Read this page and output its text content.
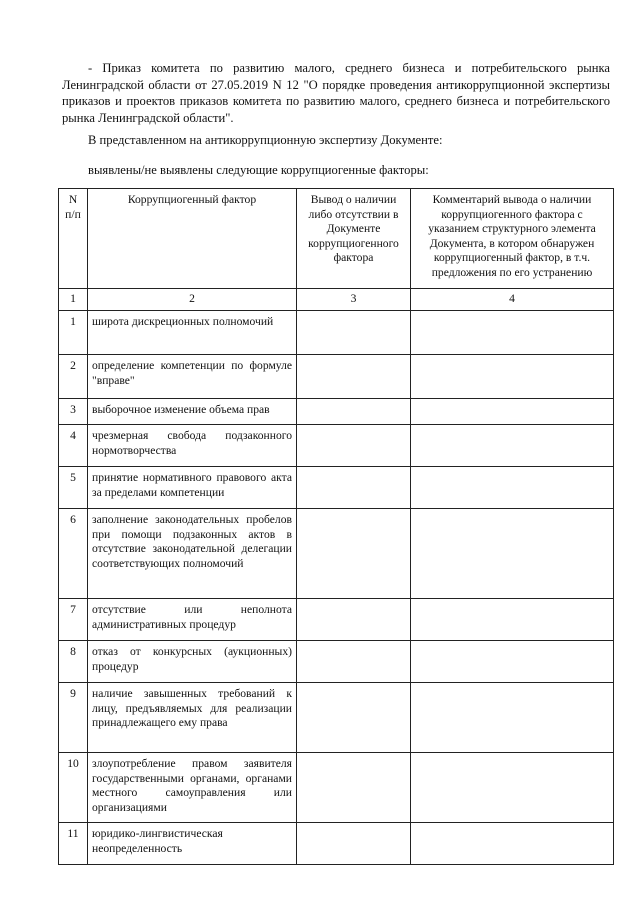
- Приказ комитета по развитию малого, среднего бизнеса и потребительского рынка Ленинградской области от 27.05.2019 N 12 "О порядке проведения антикоррупционной экспертизы приказов и проектов приказов комитета по развитию малого, среднего бизнеса и потребительского рынка Ленинградской области".

В представленном на антикоррупционную экспертизу Документе:

выявлены/не выявлены следующие коррупциогенные факторы:

N п/п	Коррупциогенный фактор	Вывод о наличии либо отсутствии в Документе коррупциогенного фактора	Комментарий вывода о наличии коррупциогенного фактора с указанием структурного элемента Документа, в котором обнаружен коррупциогенный фактор, в т.ч. предложения по его устранению
1	2	3	4
1	широта дискреционных полномочий		
2	определение компетенции по формуле "вправе"		
3	выборочное изменение объема прав		
4	чрезмерная свобода подзаконного нормотворчества		
5	принятие нормативного правового акта за пределами компетенции		
6	заполнение законодательных пробелов при помощи подзаконных актов в отсутствие законодательной делегации соответствующих полномочий		
7	отсутствие или неполнота административных процедур		
8	отказ от конкурсных (аукционных) процедур		
9	наличие завышенных требований к лицу, предъявляемых для реализации принадлежащего ему права		
10	злоупотребление правом заявителя государственными органами, органами местного самоуправления или организациями		
11	юридико-лингвистическая неопределенность		
